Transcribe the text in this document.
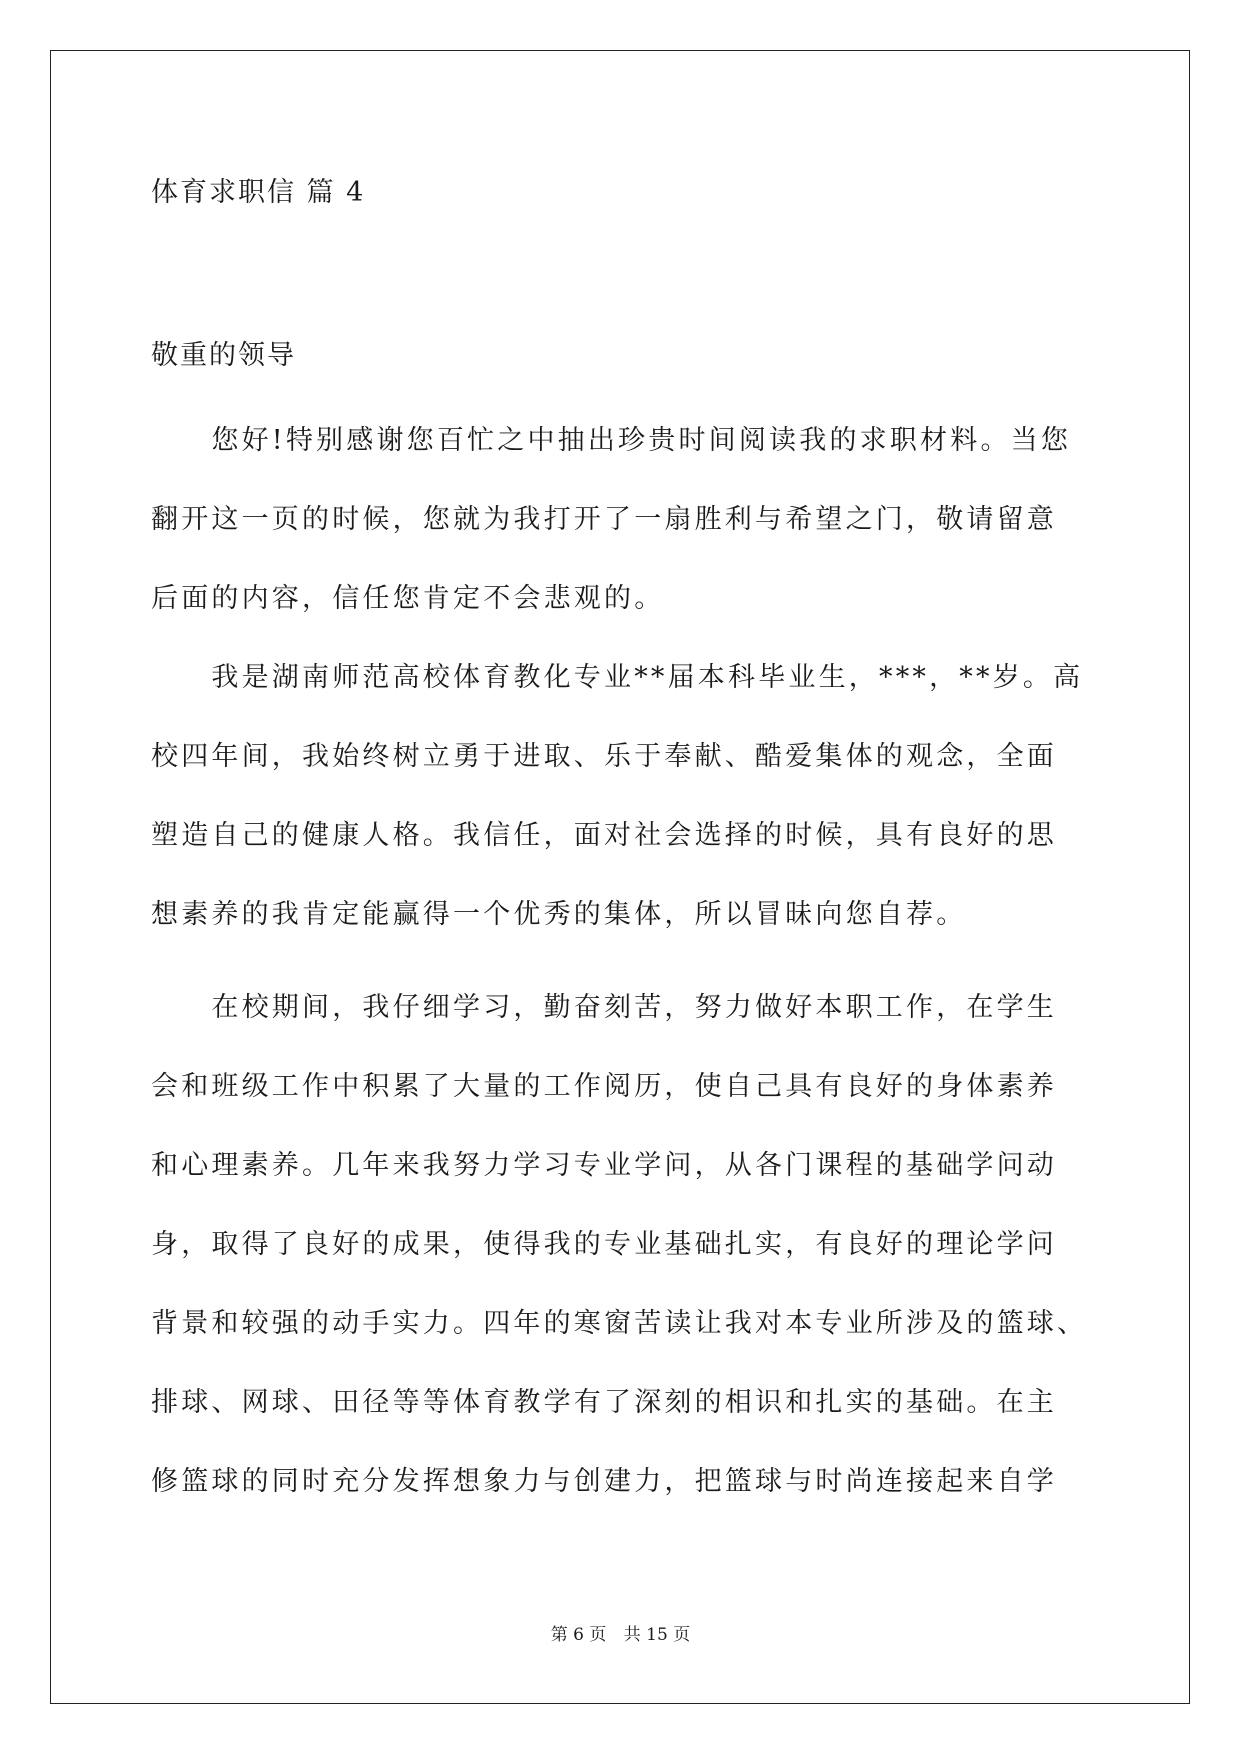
体育求职信 篇 4
敬重的领导
　　您好!特别感谢您百忙之中抽出珍贵时间阅读我的求职材料。当您
翻开这一页的时候，您就为我打开了一扇胜利与希望之门，敬请留意
后面的内容，信任您肯定不会悲观的。
　　我是湖南师范高校体育教化专业**届本科毕业生，***，**岁。高
校四年间，我始终树立勇于进取、乐于奉献、酷爱集体的观念，全面
塑造自己的健康人格。我信任，面对社会选择的时候，具有良好的思
想素养的我肯定能赢得一个优秀的集体，所以冒昧向您自荐。
　　在校期间，我仔细学习，勤奋刻苦，努力做好本职工作，在学生
会和班级工作中积累了大量的工作阅历，使自己具有良好的身体素养
和心理素养。几年来我努力学习专业学问，从各门课程的基础学问动
身，取得了良好的成果，使得我的专业基础扎实，有良好的理论学问
背景和较强的动手实力。四年的寒窗苦读让我对本专业所涉及的篮球、
排球、网球、田径等等体育教学有了深刻的相识和扎实的基础。在主
修篮球的同时充分发挥想象力与创建力，把篮球与时尚连接起来自学
第 6 页 共 15 页
